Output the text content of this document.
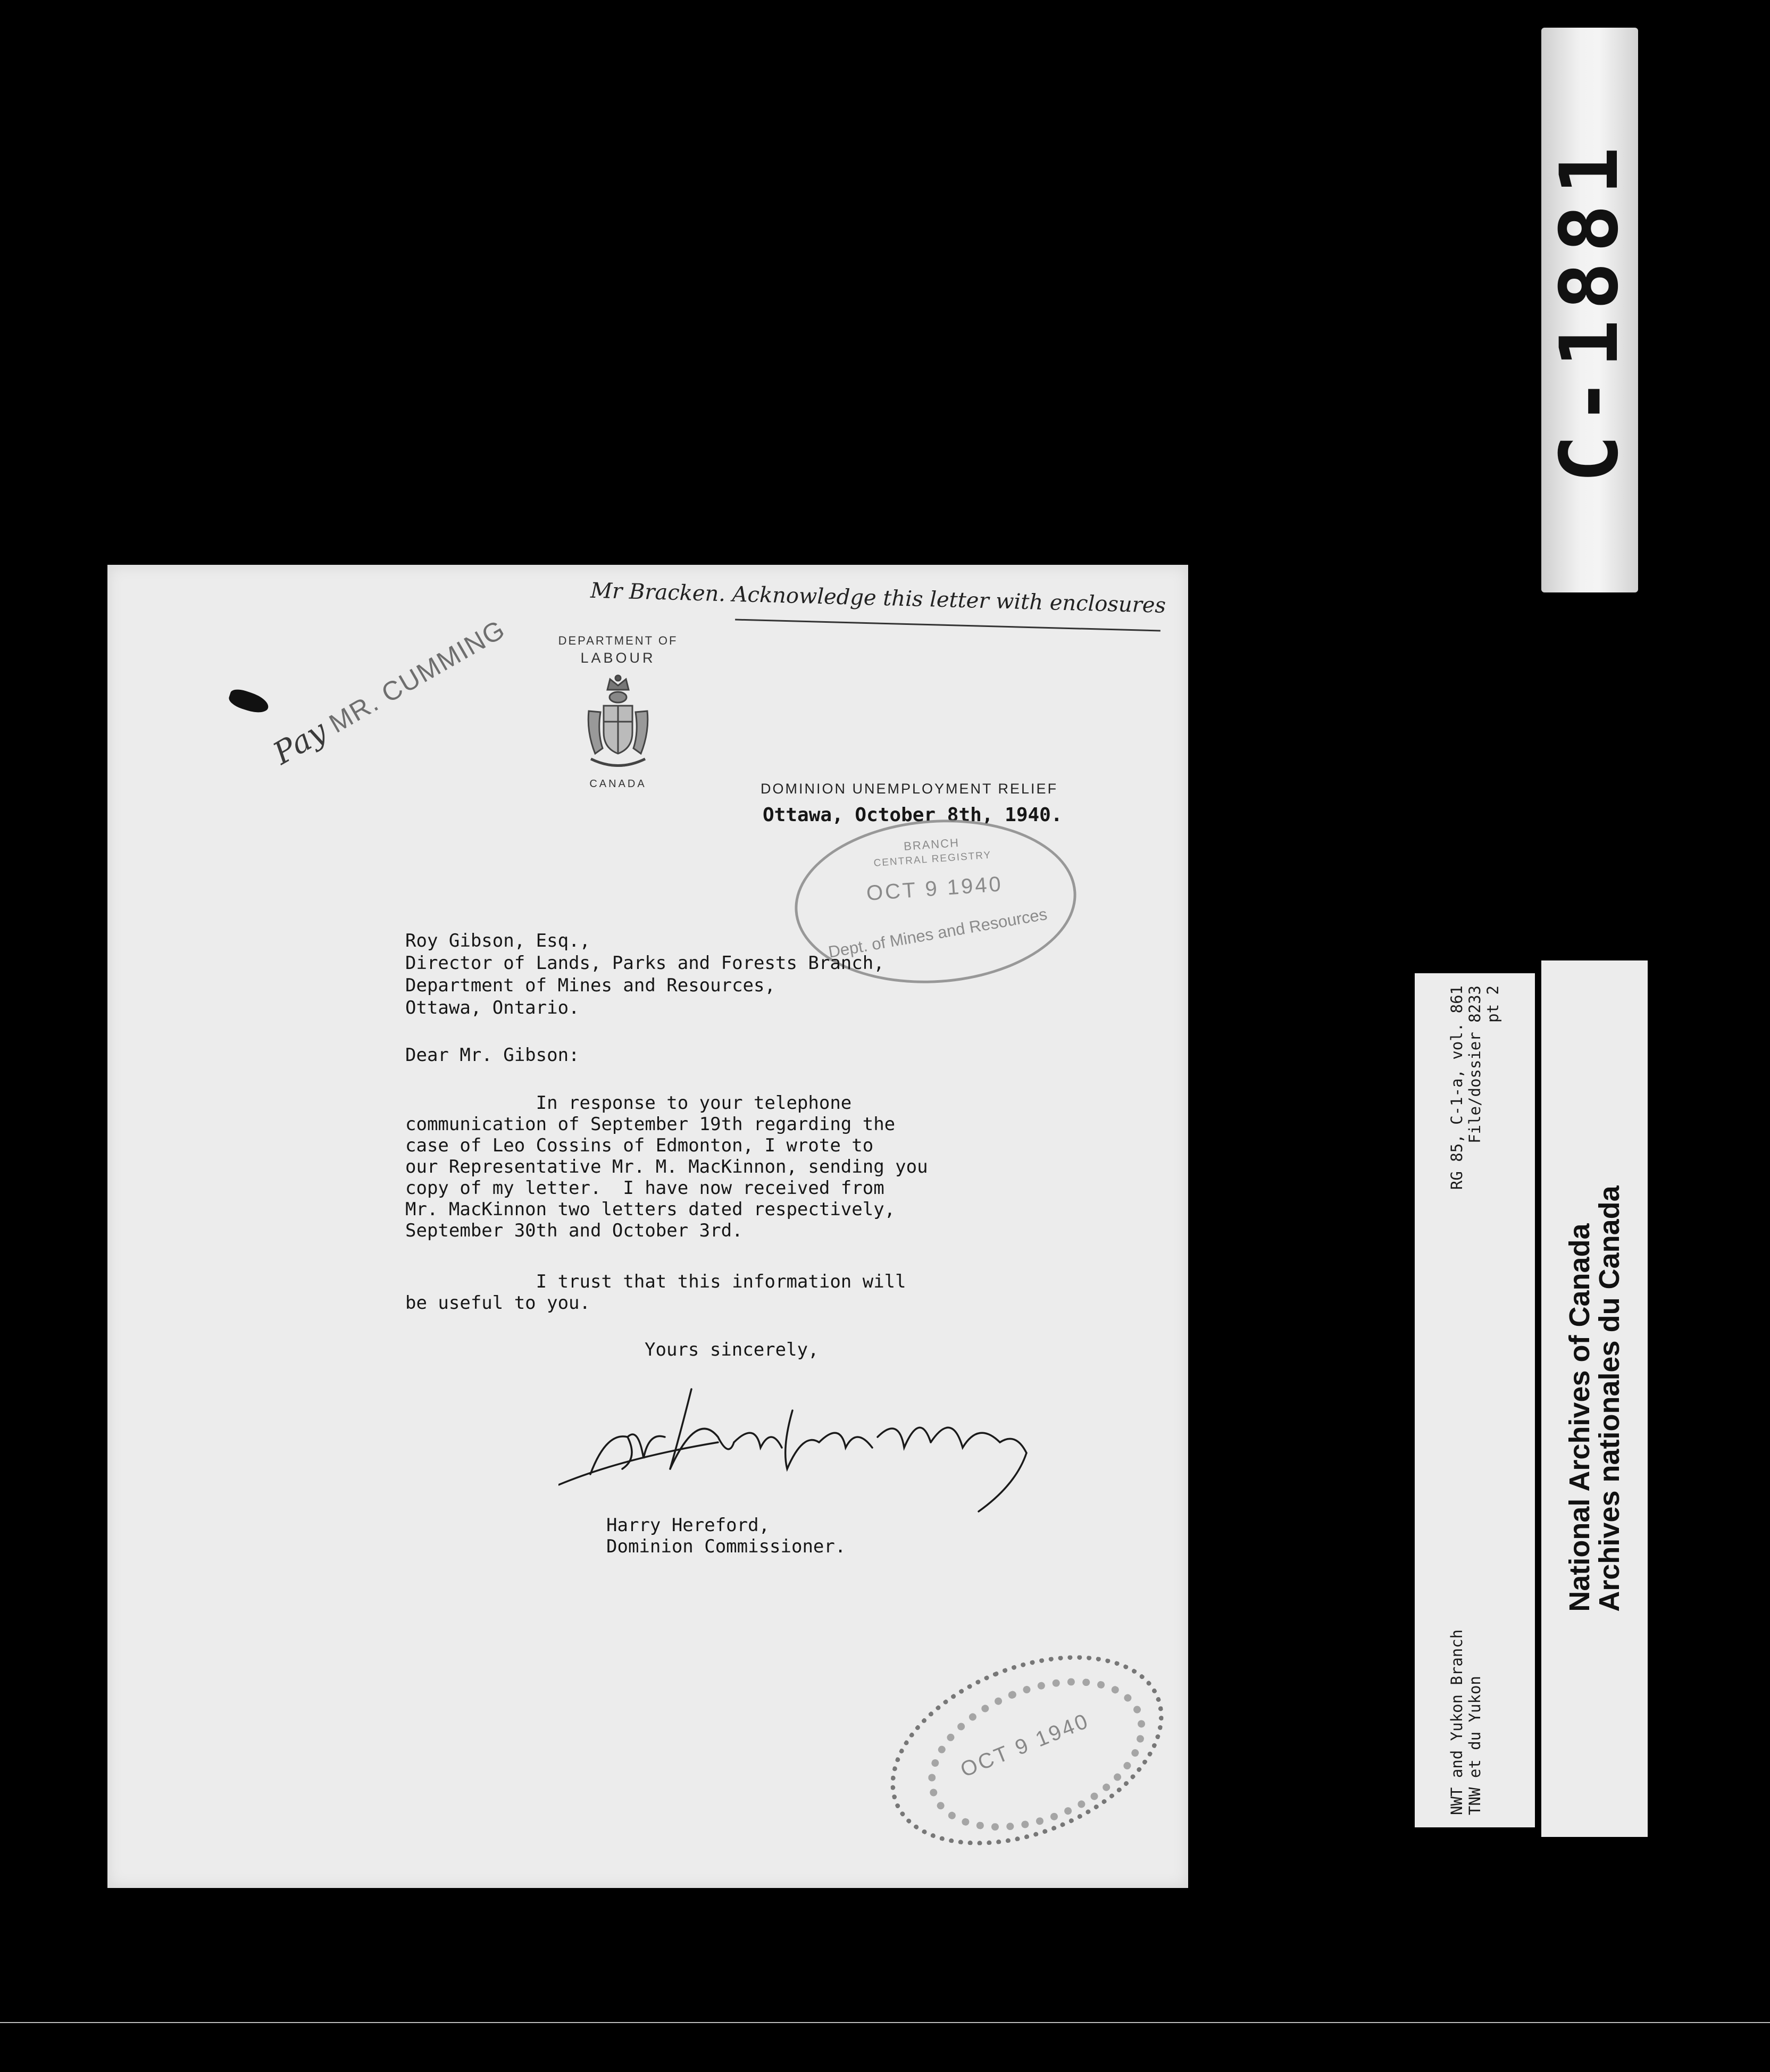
C-1881
Mr Bracken. Acknowledge this letter with enclosures
DEPARTMENT OF
LABOUR
CANADA
Pay MR. CUMMING
DOMINION UNEMPLOYMENT RELIEF
Ottawa, October 8th, 1940.
BRANCH
CENTRAL REGISTRY
OCT 9 1940
Dept. of Mines and Resources
Roy Gibson, Esq.,
Director of Lands, Parks and Forests Branch,
Department of Mines and Resources,
Ottawa, Ontario.
Dear Mr. Gibson:
In response to your telephone
communication of September 19th regarding the
case of Leo Cossins of Edmonton, I wrote to
our Representative Mr. M. MacKinnon, sending you
copy of my letter.  I have now received from
Mr. MacKinnon two letters dated respectively,
September 30th and October 3rd.
I trust that this information will
be useful to you.
Yours sincerely,
Harry Hereford,
Dominion Commissioner.
OCT 9 1940	NWT and Yukon Branch
RG 85, C-1-a, vol. 861
TNW et du Yukon
File/dossier 8233 pt 2
National Archives of Canada
Archives nationales du Canada
